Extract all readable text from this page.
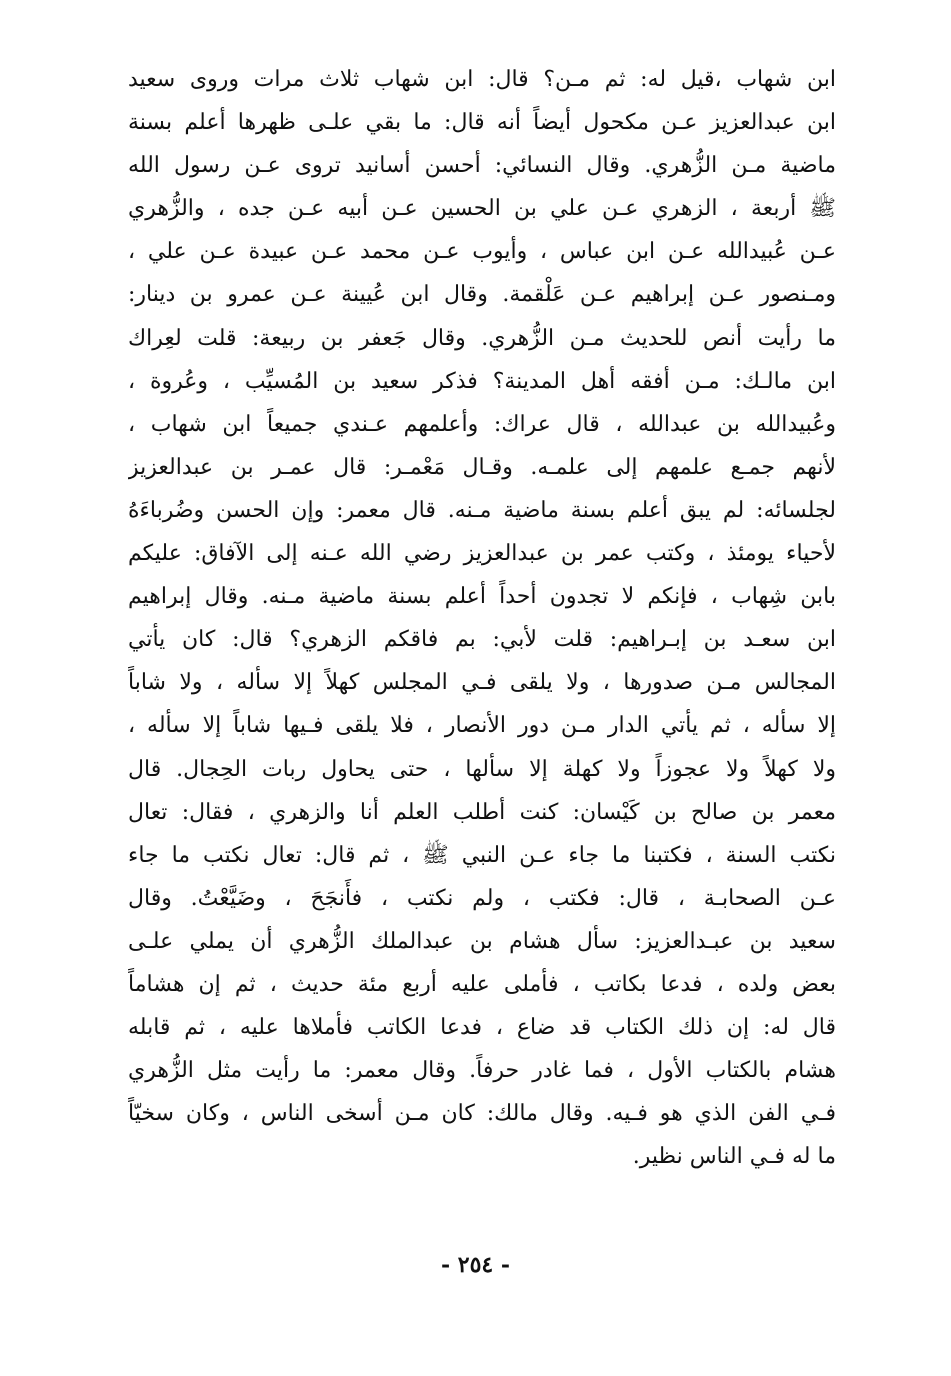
ابن شهاب ،قيل له: ثم مـن؟ قال: ابن شهاب ثلاث مرات وروى سعيد
ابن عبدالعزيز عـن مكحول أيضاً أنه قال: ما بقي علـى ظهرها أعلم بسنة
ماضية مـن الزُّهري. وقال النسائي: أحسن أسانيد تروى عـن رسول الله
ﷺ أربعة ، الزهري عـن علي بن الحسين عـن أبيه عـن جده ، والزُّهري
عـن عُبيدالله عـن ابن عباس ، وأيوب عـن محمد عـن عبيدة عـن علي ،
ومـنصور عـن إبراهيم عـن عَلْقمة. وقال ابن عُيينة عـن عمرو بن دينار:
ما رأيت أنص للحديث مـن الزُّهري. وقال جَعفر بن ربيعة: قلت لعِراك
ابن مالـك: مـن أفقه أهل المدينة؟ فذكر سعيد بن المُسيِّب ، وعُروة ،
وعُبيدالله بن عبدالله ، قال عراك: وأعلمهم عـندي جميعاً ابن شهاب ،
لأنهم جمـع علمهم إلى علمـه. وقـال مَعْمـر: قال عمـر بن عبدالعزيز
لجلسائه: لم يبق أعلم بسنة ماضية مـنه. قال معمر: وإن الحسن وضُرباءَهُ
لأحياء يومئذ ، وكتب عمر بن عبدالعزيز رضي الله عـنه إلى الآفاق: عليكم
بابن شِهاب ، فإنكم لا تجدون أحداً أعلم بسنة ماضية مـنه. وقال إبراهيم
ابن سعـد بن إبـراهيم: قلت لأبي: بم فاقكم الزهري؟ قال: كان يأتي
المجالس مـن صدورها ، ولا يلقى فـي المجلس كهلاً إلا سأله ، ولا شاباً
إلا سأله ، ثم يأتي الدار مـن دور الأنصار ، فلا يلقى فـيها شاباً إلا سأله ،
ولا كهلاً ولا عجوزاً ولا كهلة إلا سألها ، حتى يحاول ربات الحِجال. قال
معمر بن صالح بن كَيْسان: كنت أطلب العلم أنا والزهري ، فقال: تعال
نكتب السنة ، فكتبنا ما جاء عـن النبي ﷺ ، ثم قال: تعال نكتب ما جاء
عـن الصحابـة ، قال: فكتب ، ولم نكتب ، فأَنجَحَ ، وضَيَّعْتُ. وقال
سعيد بن عبـدالعزيز: سأل هشام بن عبدالملك الزُّهري أن يملي علـى
بعض ولده ، فدعا بكاتب ، فأملى عليه أربع مئة حديث ، ثم إن هشاماً
قال له: إن ذلك الكتاب قد ضاع ، فدعا الكاتب فأملاها عليه ، ثم قابله
هشام بالكتاب الأول ، فما غادر حرفاً. وقال معمر: ما رأيت مثل الزُّهري
فـي الفن الذي هو فـيه. وقال مالك: كان مـن أسخى الناس ، وكان سخيّاً
ما له فـي الناس نظير.
- ٢٥٤ -
